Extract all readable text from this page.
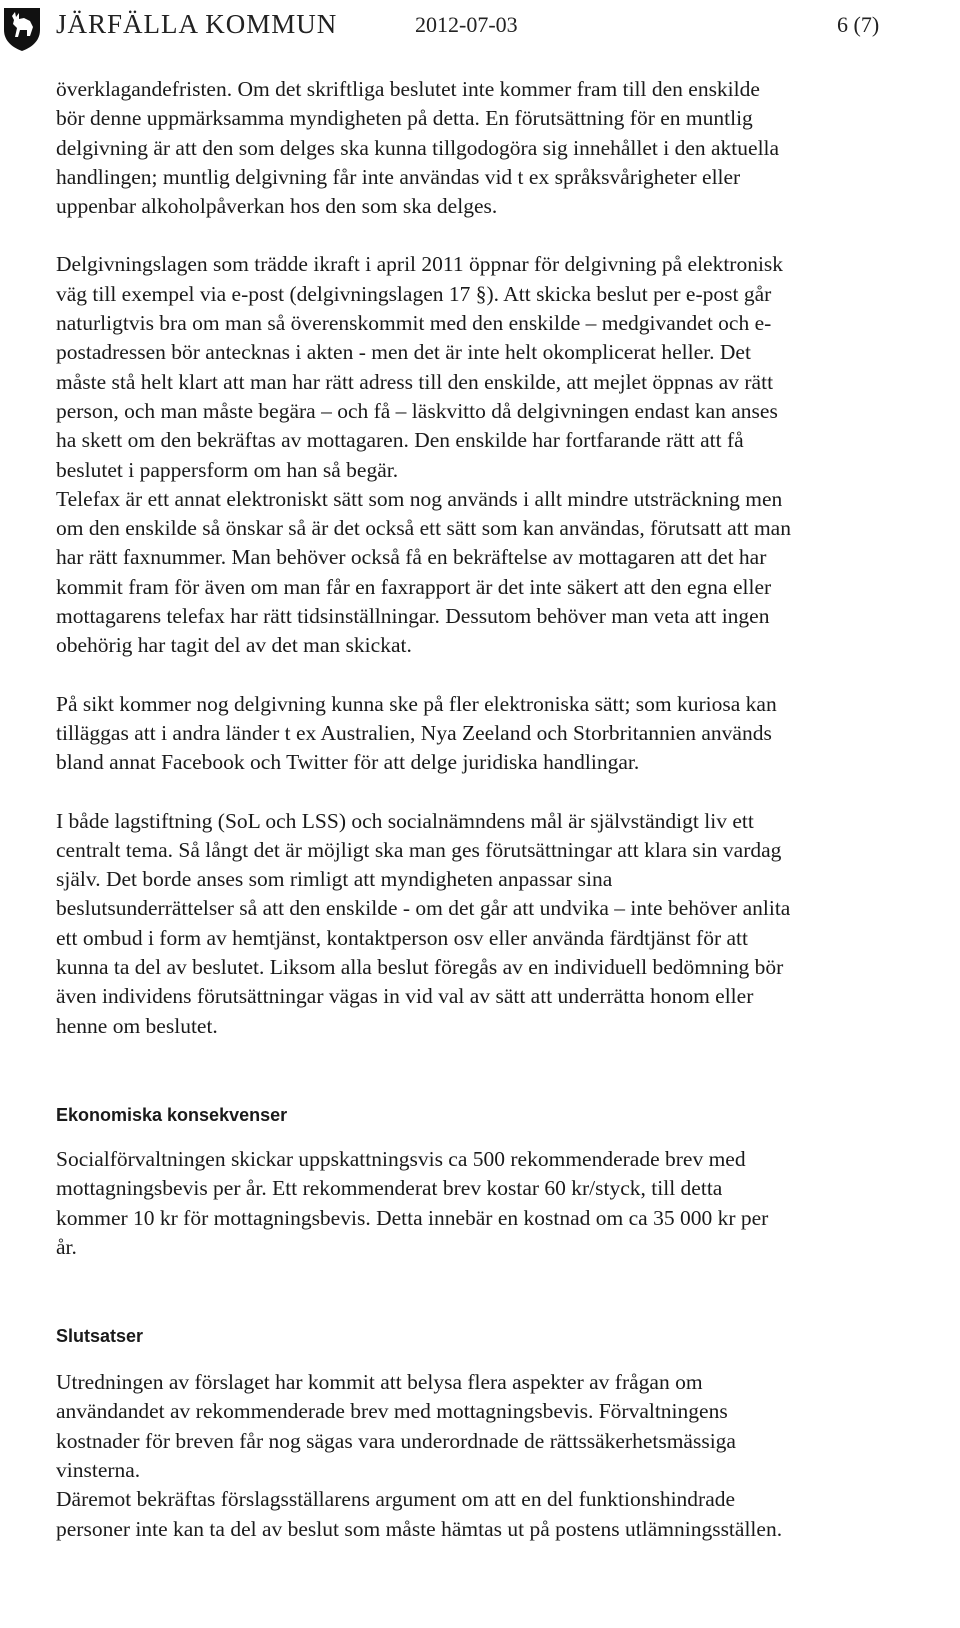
JÄRFÄLLA KOMMUN	2012-07-03	6 (7)

överklagandefristen. Om det skriftliga beslutet inte kommer fram till den enskilde
bör denne uppmärksamma myndigheten på detta. En förutsättning för en muntlig
delgivning är att den som delges ska kunna tillgodogöra sig innehållet i den aktuella
handlingen; muntlig delgivning får inte användas vid t ex språksvårigheter eller
uppenbar alkoholpåverkan hos den som ska delges.

Delgivningslagen som trädde ikraft i april 2011 öppnar för delgivning på elektronisk
väg till exempel via e-post (delgivningslagen 17 §). Att skicka beslut per e-post går
naturligtvis bra om man så överenskommit med den enskilde – medgivandet och e-
postadressen bör antecknas i akten - men det är inte helt okomplicerat heller. Det
måste stå helt klart att man har rätt adress till den enskilde, att mejlet öppnas av rätt
person, och man måste begära – och få – läskvitto då delgivningen endast kan anses
ha skett om den bekräftas av mottagaren. Den enskilde har fortfarande rätt att få
beslutet i pappersform om han så begär.
Telefax är ett annat elektroniskt sätt som nog används i allt mindre utsträckning men
om den enskilde så önskar så är det också ett sätt som kan användas, förutsatt att man
har rätt faxnummer. Man behöver också få en bekräftelse av mottagaren att det har
kommit fram för även om man får en faxrapport är det inte säkert att den egna eller
mottagarens telefax har rätt tidsinställningar. Dessutom behöver man veta att ingen
obehörig har tagit del av det man skickat.

På sikt kommer nog delgivning kunna ske på fler elektroniska sätt; som kuriosa kan
tilläggas att i andra länder t ex Australien, Nya Zeeland och Storbritannien används
bland annat Facebook och Twitter för att delge juridiska handlingar.

I både lagstiftning (SoL och LSS) och socialnämndens mål är självständigt liv ett
centralt tema. Så långt det är möjligt ska man ges förutsättningar att klara sin vardag
själv. Det borde anses som rimligt att myndigheten anpassar sina
beslutsunderrättelser så att den enskilde - om det går att undvika – inte behöver anlita
ett ombud i form av hemtjänst, kontaktperson osv eller använda färdtjänst för att
kunna ta del av beslutet. Liksom alla beslut föregås av en individuell bedömning bör
även individens förutsättningar vägas in vid val av sätt att underrätta honom eller
henne om beslutet.

Ekonomiska konsekvenser

Socialförvaltningen skickar uppskattningsvis ca 500 rekommenderade brev med
mottagningsbevis per år. Ett rekommenderat brev kostar 60 kr/styck, till detta
kommer 10 kr för mottagningsbevis. Detta innebär en kostnad om ca 35 000 kr per
år.

Slutsatser

Utredningen av förslaget har kommit att belysa flera aspekter av frågan om
användandet av rekommenderade brev med mottagningsbevis. Förvaltningens
kostnader för breven får nog sägas vara underordnade de rättssäkerhetsmässiga
vinsterna.
Däremot bekräftas förslagsställarens argument om att en del funktionshindrade
personer inte kan ta del av beslut som måste hämtas ut på postens utlämningsställen.
